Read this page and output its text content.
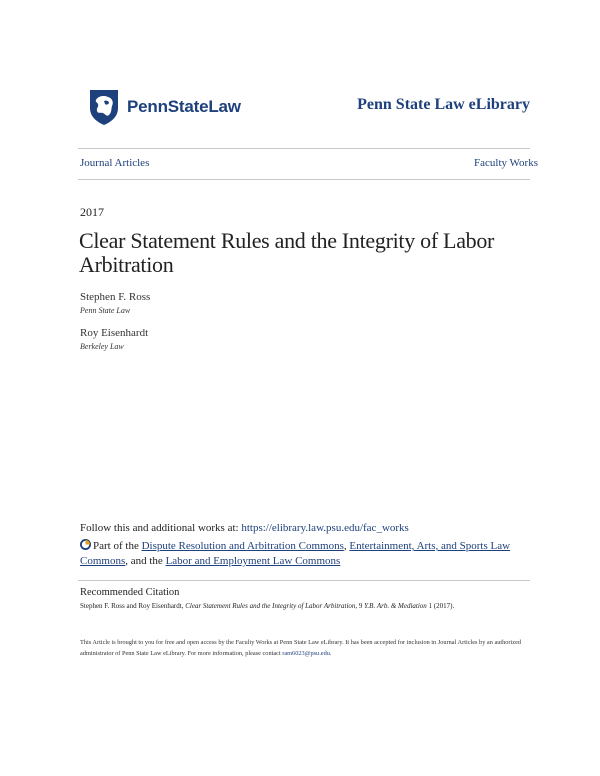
PennStateLaw	Penn State Law eLibrary
Journal Articles	Faculty Works
2017
Clear Statement Rules and the Integrity of Labor Arbitration
Stephen F. Ross
Penn State Law
Roy Eisenhardt
Berkeley Law
Follow this and additional works at: https://elibrary.law.psu.edu/fac_works
Part of the Dispute Resolution and Arbitration Commons, Entertainment, Arts, and Sports Law Commons, and the Labor and Employment Law Commons
Recommended Citation
Stephen F. Ross and Roy Eisenhardt, Clear Statement Rules and the Integrity of Labor Arbitration, 9 Y.B. Arb. & Mediation 1 (2017).
This Article is brought to you for free and open access by the Faculty Works at Penn State Law eLibrary. It has been accepted for inclusion in Journal Articles by an authorized administrator of Penn State Law eLibrary. For more information, please contact ram6023@psu.edu.
